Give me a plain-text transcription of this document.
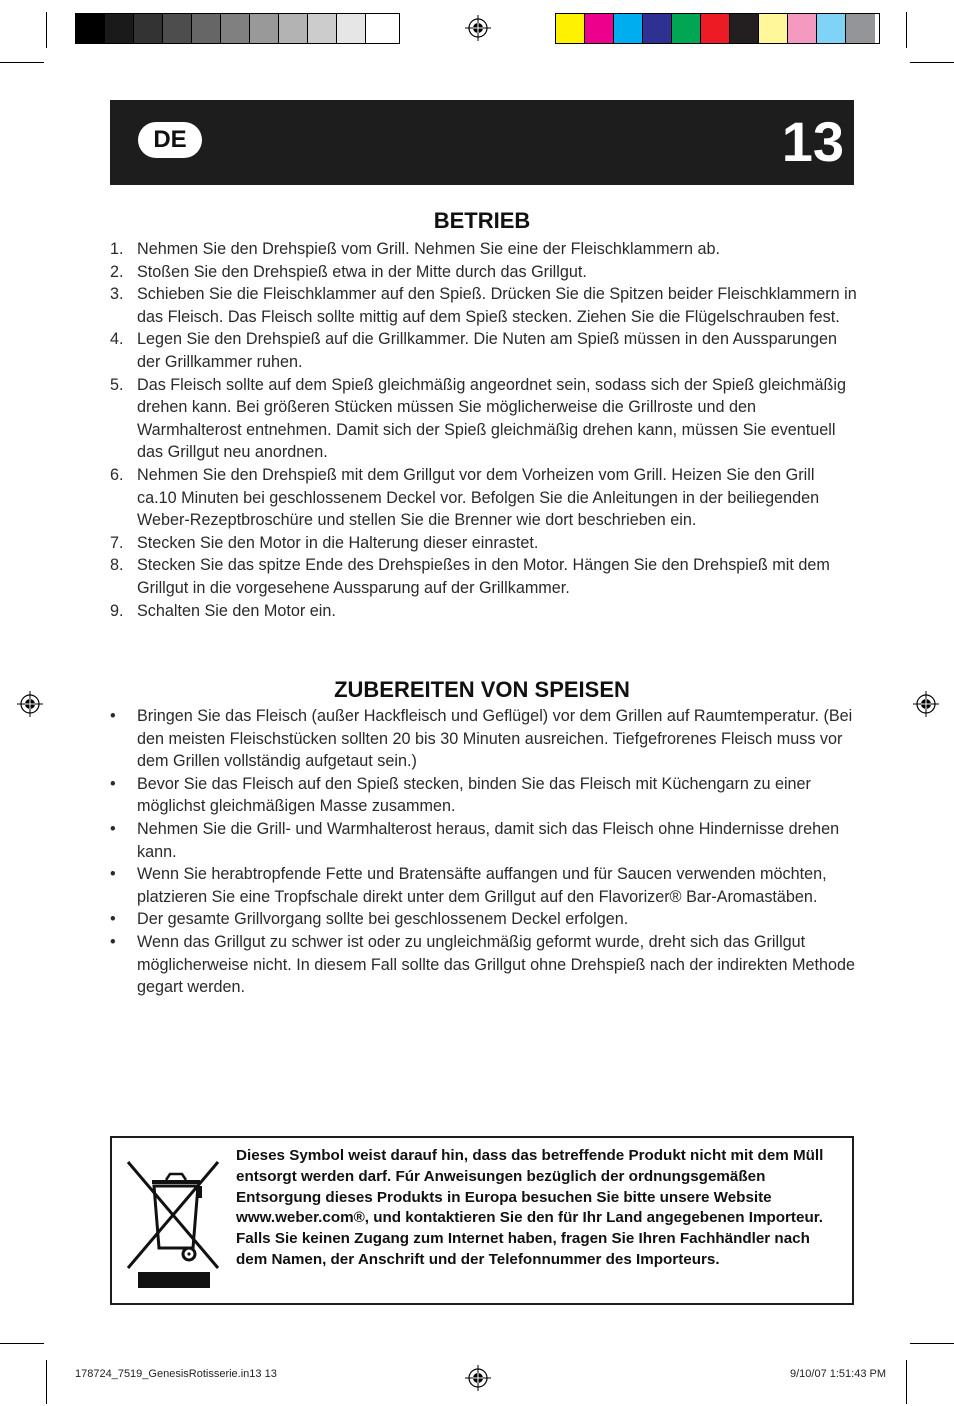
DE	13
BETRIEB
1. Nehmen Sie den Drehspieß vom Grill. Nehmen Sie eine der Fleischklammern ab.
2. Stoßen Sie den Drehspieß etwa in der Mitte durch das Grillgut.
3. Schieben Sie die Fleischklammer auf den Spieß. Drücken Sie die Spitzen beider Fleischklammern in das Fleisch. Das Fleisch sollte mittig auf dem Spieß stecken. Ziehen Sie die Flügelschrauben fest.
4. Legen Sie den Drehspieß auf die Grillkammer. Die Nuten am Spieß müssen in den Aussparungen der Grillkammer ruhen.
5. Das Fleisch sollte auf dem Spieß gleichmäßig angeordnet sein, sodass sich der Spieß gleichmäßig drehen kann. Bei größeren Stücken müssen Sie möglicherweise die Grillroste und den Warmhalterost entnehmen. Damit sich der Spieß gleichmäßig drehen kann, müssen Sie eventuell das Grillgut neu anordnen.
6. Nehmen Sie den Drehspieß mit dem Grillgut vor dem Vorheizen vom Grill. Heizen Sie den Grill ca.10 Minuten bei geschlossenem Deckel vor. Befolgen Sie die Anleitungen in der beiliegenden Weber-Rezeptbroschüre und stellen Sie die Brenner wie dort beschrieben ein.
7. Stecken Sie den Motor in die Halterung dieser einrastet.
8. Stecken Sie das spitze Ende des Drehspießes in den Motor. Hängen Sie den Drehspieß mit dem Grillgut in die vorgesehene Aussparung auf der Grillkammer.
9. Schalten Sie den Motor ein.
ZUBEREITEN VON SPEISEN
• Bringen Sie das Fleisch (außer Hackfleisch und Geflügel) vor dem Grillen auf Raumtemperatur. (Bei den meisten Fleischstücken sollten 20 bis 30 Minuten ausreichen. Tiefgefrorenes Fleisch muss vor dem Grillen vollständig aufgetaut sein.)
• Bevor Sie das Fleisch auf den Spieß stecken, binden Sie das Fleisch mit Küchengarn zu einer möglichst gleichmäßigen Masse zusammen.
• Nehmen Sie die Grill- und Warmhalterost heraus, damit sich das Fleisch ohne Hindernisse drehen kann.
• Wenn Sie herabtropfende Fette und Bratensäfte auffangen und für Saucen verwenden möchten, platzieren Sie eine Tropfschale direkt unter dem Grillgut auf den Flavorizer® Bar-Aromastäben.
• Der gesamte Grillvorgang sollte bei geschlossenem Deckel erfolgen.
• Wenn das Grillgut zu schwer ist oder zu ungleichmäßig geformt wurde, dreht sich das Grillgut möglicherweise nicht. In diesem Fall sollte das Grillgut ohne Drehspieß nach der indirekten Methode gegart werden.
Dieses Symbol weist darauf hin, dass das betreffende Produkt nicht mit dem Müll entsorgt werden darf. Fúr Anweisungen bezüglich der ordnungsgemäßen Entsorgung dieses Produkts in Europa besuchen Sie bitte unsere Website www.weber.com®, und kontaktieren Sie den für Ihr Land angegebenen Importeur. Falls Sie keinen Zugang zum Internet haben, fragen Sie Ihren Fachhändler nach dem Namen, der Anschrift und der Telefonnummer des Importeurs.
178724_7519_GenesisRotisserie.in13 13	9/10/07 1:51:43 PM
